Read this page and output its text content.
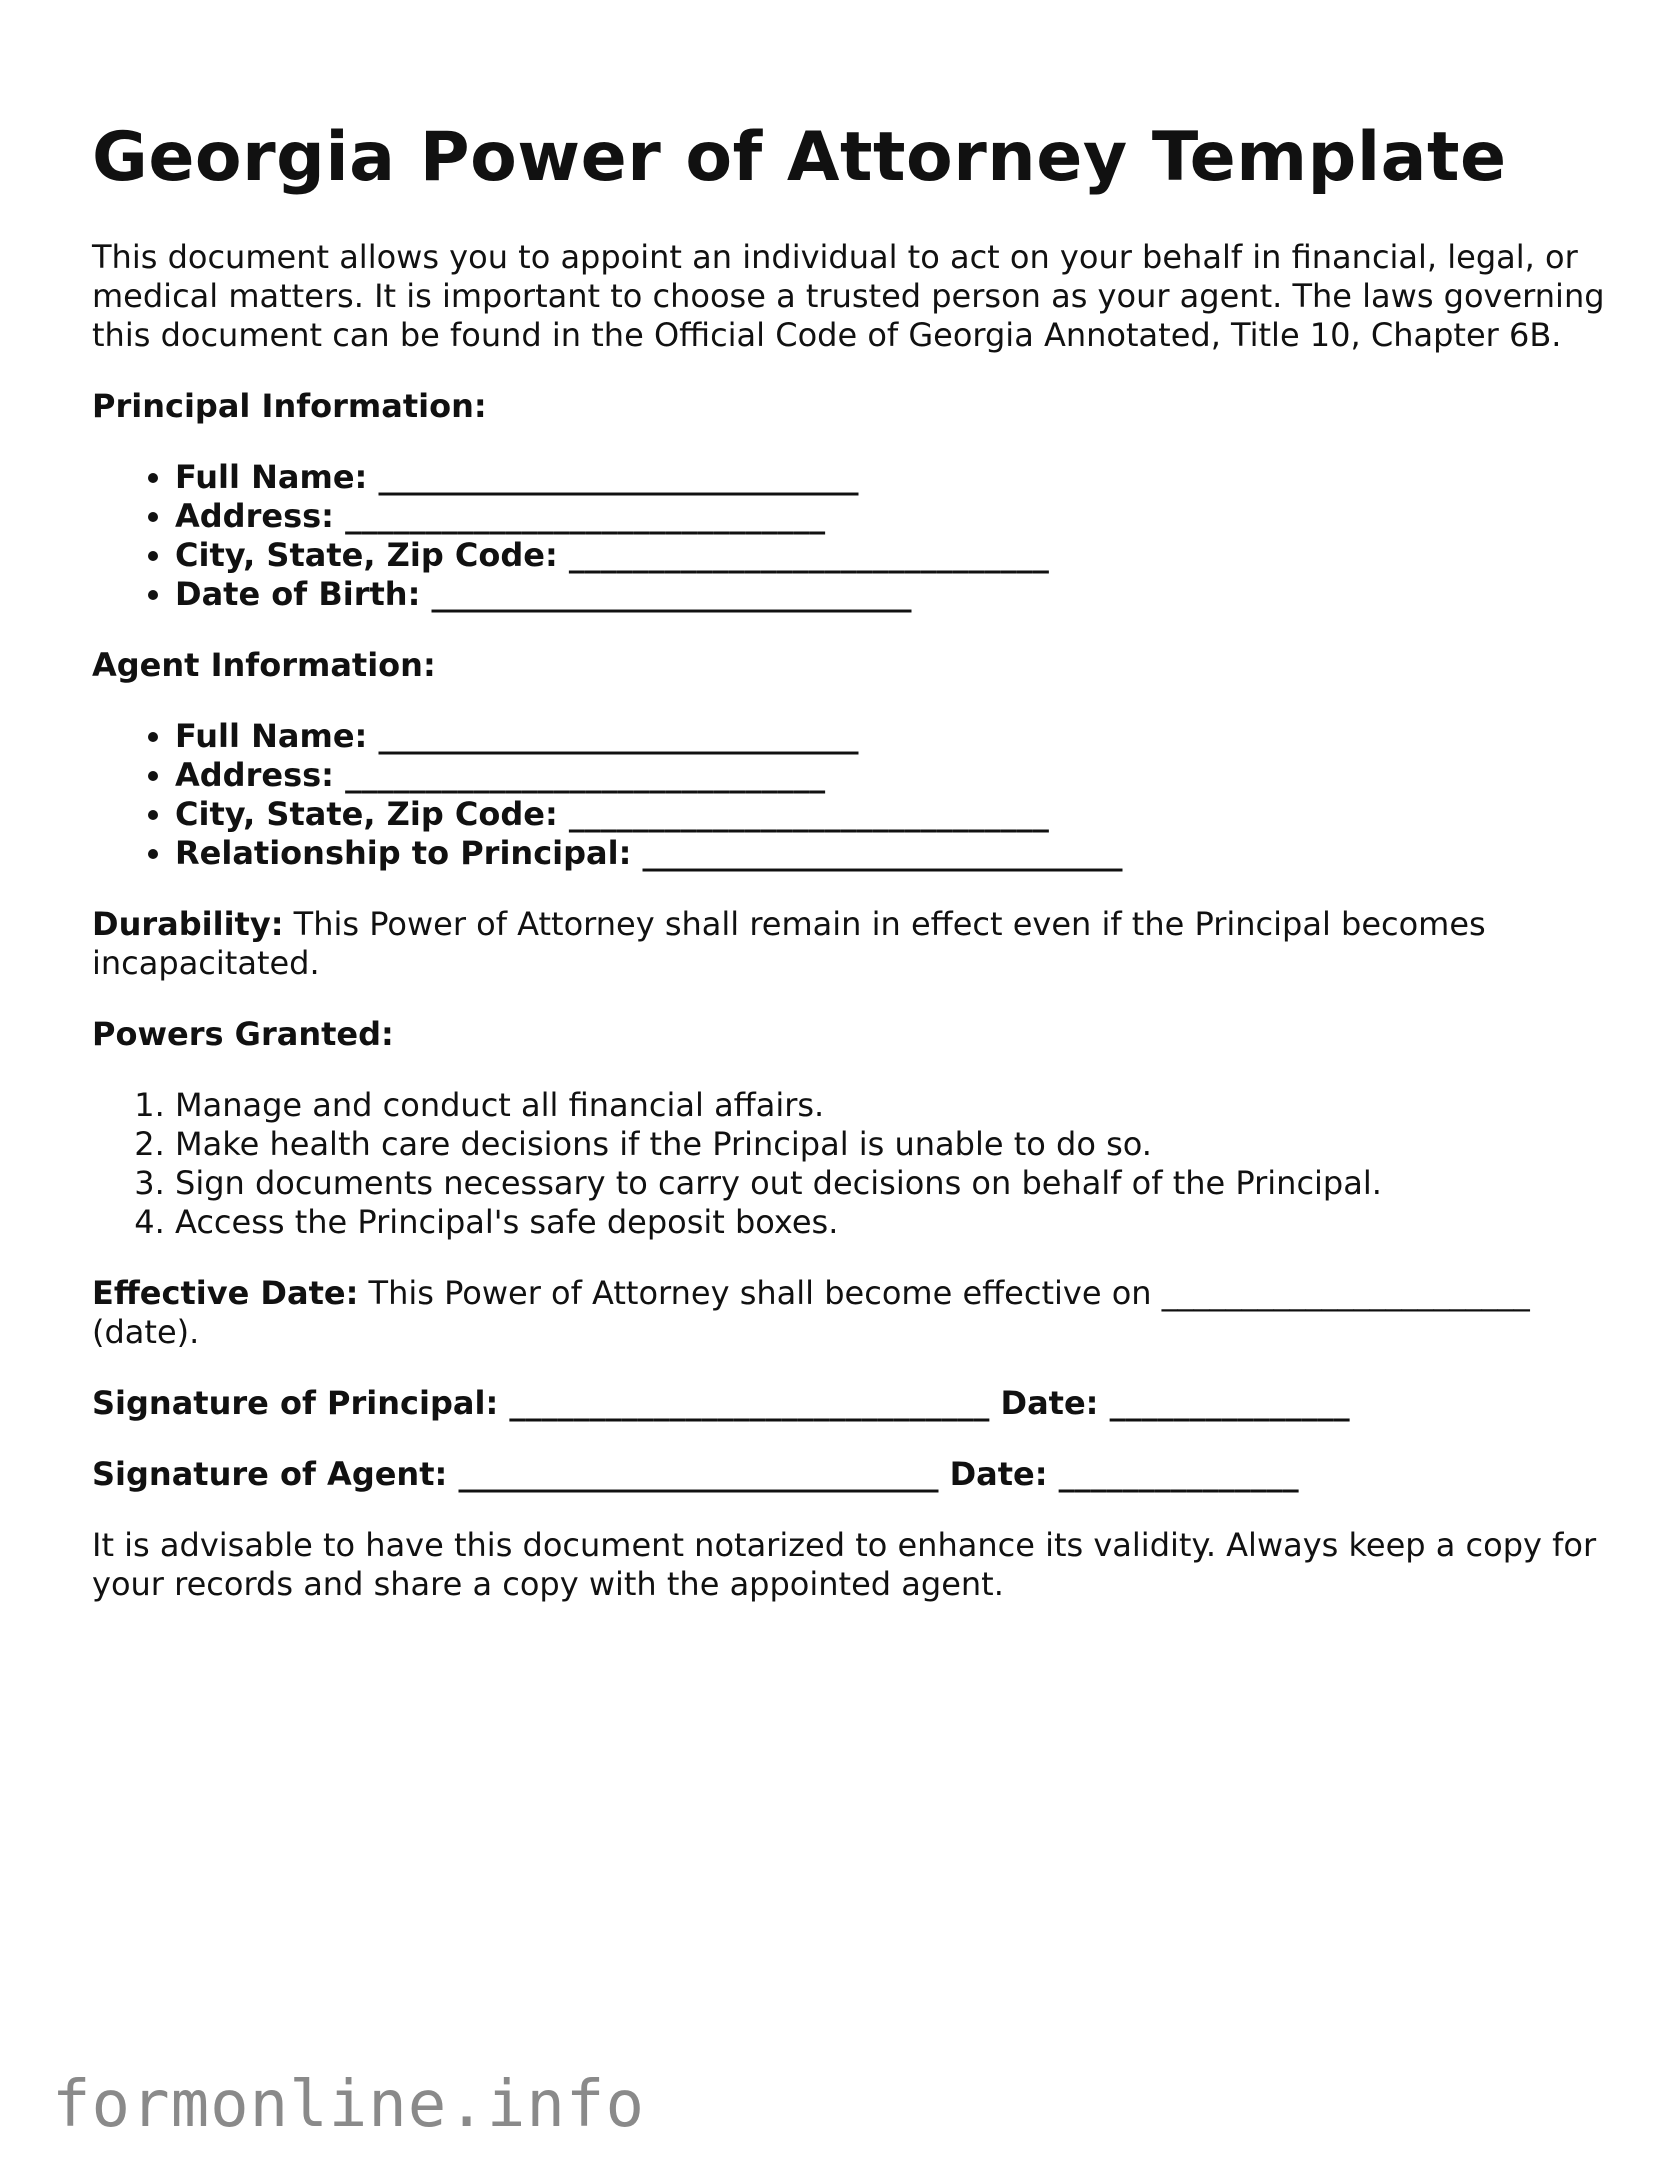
Georgia Power of Attorney Template

This document allows you to appoint an individual to act on your behalf in financial, legal, or medical matters. It is important to choose a trusted person as your agent. The laws governing this document can be found in the Official Code of Georgia Annotated, Title 10, Chapter 6B.

Principal Information:

• Full Name: ______________________________
• Address: ______________________________
• City, State, Zip Code: ______________________________
• Date of Birth: ______________________________

Agent Information:

• Full Name: ______________________________
• Address: ______________________________
• City, State, Zip Code: ______________________________
• Relationship to Principal: ______________________________

Durability: This Power of Attorney shall remain in effect even if the Principal becomes incapacitated.

Powers Granted:

1. Manage and conduct all financial affairs.
2. Make health care decisions if the Principal is unable to do so.
3. Sign documents necessary to carry out decisions on behalf of the Principal.
4. Access the Principal's safe deposit boxes.

Effective Date: This Power of Attorney shall become effective on _______________________ (date).

Signature of Principal: ______________________________ Date: _______________

Signature of Agent: ______________________________ Date: _______________

It is advisable to have this document notarized to enhance its validity. Always keep a copy for your records and share a copy with the appointed agent.

formonline.info
